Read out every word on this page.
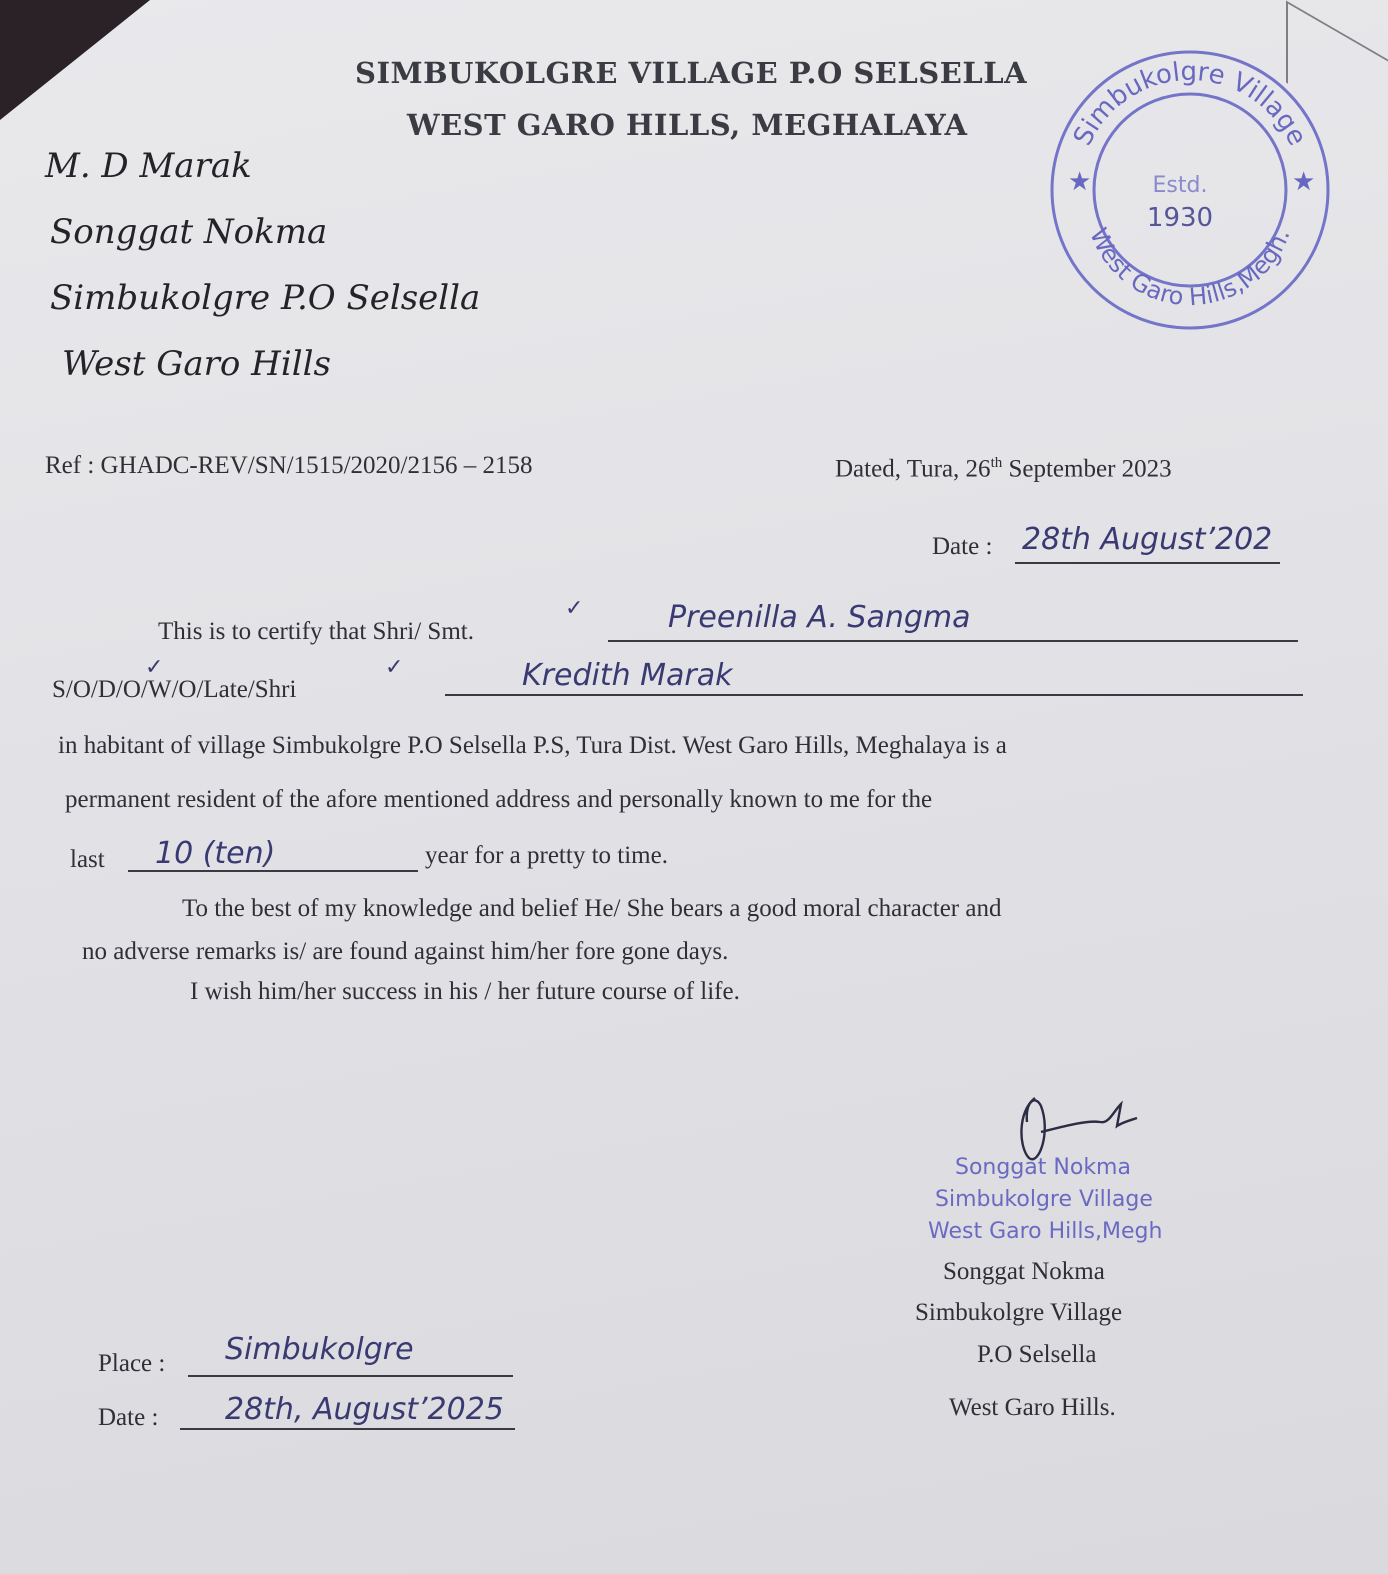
SIMBUKOLGRE VILLAGE P.O SELSELLA
WEST GARO HILLS, MEGHALAYA
M. D Marak
Songgat Nokma
Simbukolgre P.O Selsella
West Garo Hills
Simbukolgre Village
West Garo Hills,Megh.
★	★
Estd.
1930
Ref : GHADC-REV/SN/1515/2020/2156 – 2158	Dated, Tura, 26th September 2023
Date : 28th August’202
This is to certify that Shri/ Smt.
✓	Preenilla A. Sangma
S/O/D/O/W/O/Late/Shri
✓	✓	Kredith Marak
in habitant of village Simbukolgre P.O Selsella P.S, Tura Dist. West Garo Hills, Meghalaya is a
permanent resident of the afore mentioned address and personally known to me for the
last 10 (ten)	year for a pretty to time.
To the best of my knowledge and belief He/ She bears a good moral character and
no adverse remarks is/ are found against him/her fore gone days.
I wish him/her success in his / her future course of life.
Songgat Nokma
Simbukolgre Village
West Garo Hills,Megh
Songgat Nokma
Simbukolgre Village
P.O Selsella
West Garo Hills.
Place : Simbukolgre
Date : 28th, August’2025
